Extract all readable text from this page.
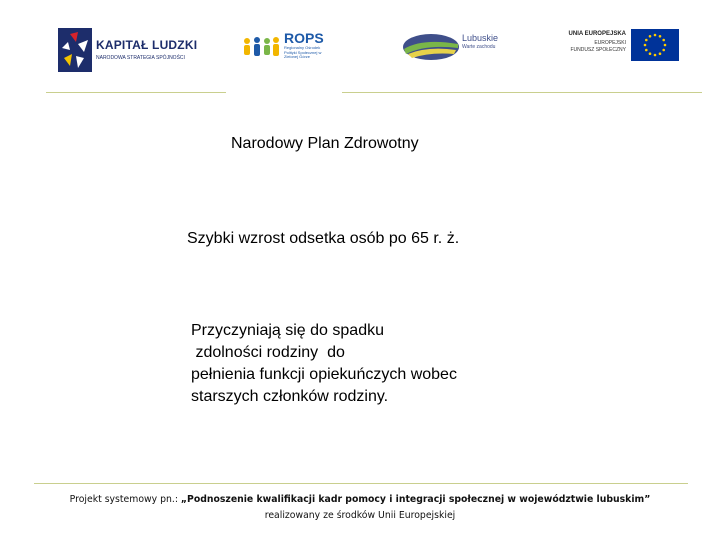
KAPITAŁ LUDZKI
NARODOWA STRATEGIA SPÓJNOŚCI
ROPS
Regionalny Ośrodek Polityki Społecznej w Zielonej Górze
Lubuskie
Warte zachodu
UNIA EUROPEJSKA
EUROPEJSKI
FUNDUSZ SPOŁECZNY
Narodowy Plan Zdrowotny
Szybki wzrost odsetka osób po 65 r. ż.
Przyczyniają się do spadku
zdolności rodziny  do
pełnienia funkcji opiekuńczych wobec
starszych członków rodziny.
Projekt systemowy pn.: „Podnoszenie kwalifikacji kadr pomocy i integracji społecznej w województwie lubuskim”
realizowany ze środków Unii Europejskiej
